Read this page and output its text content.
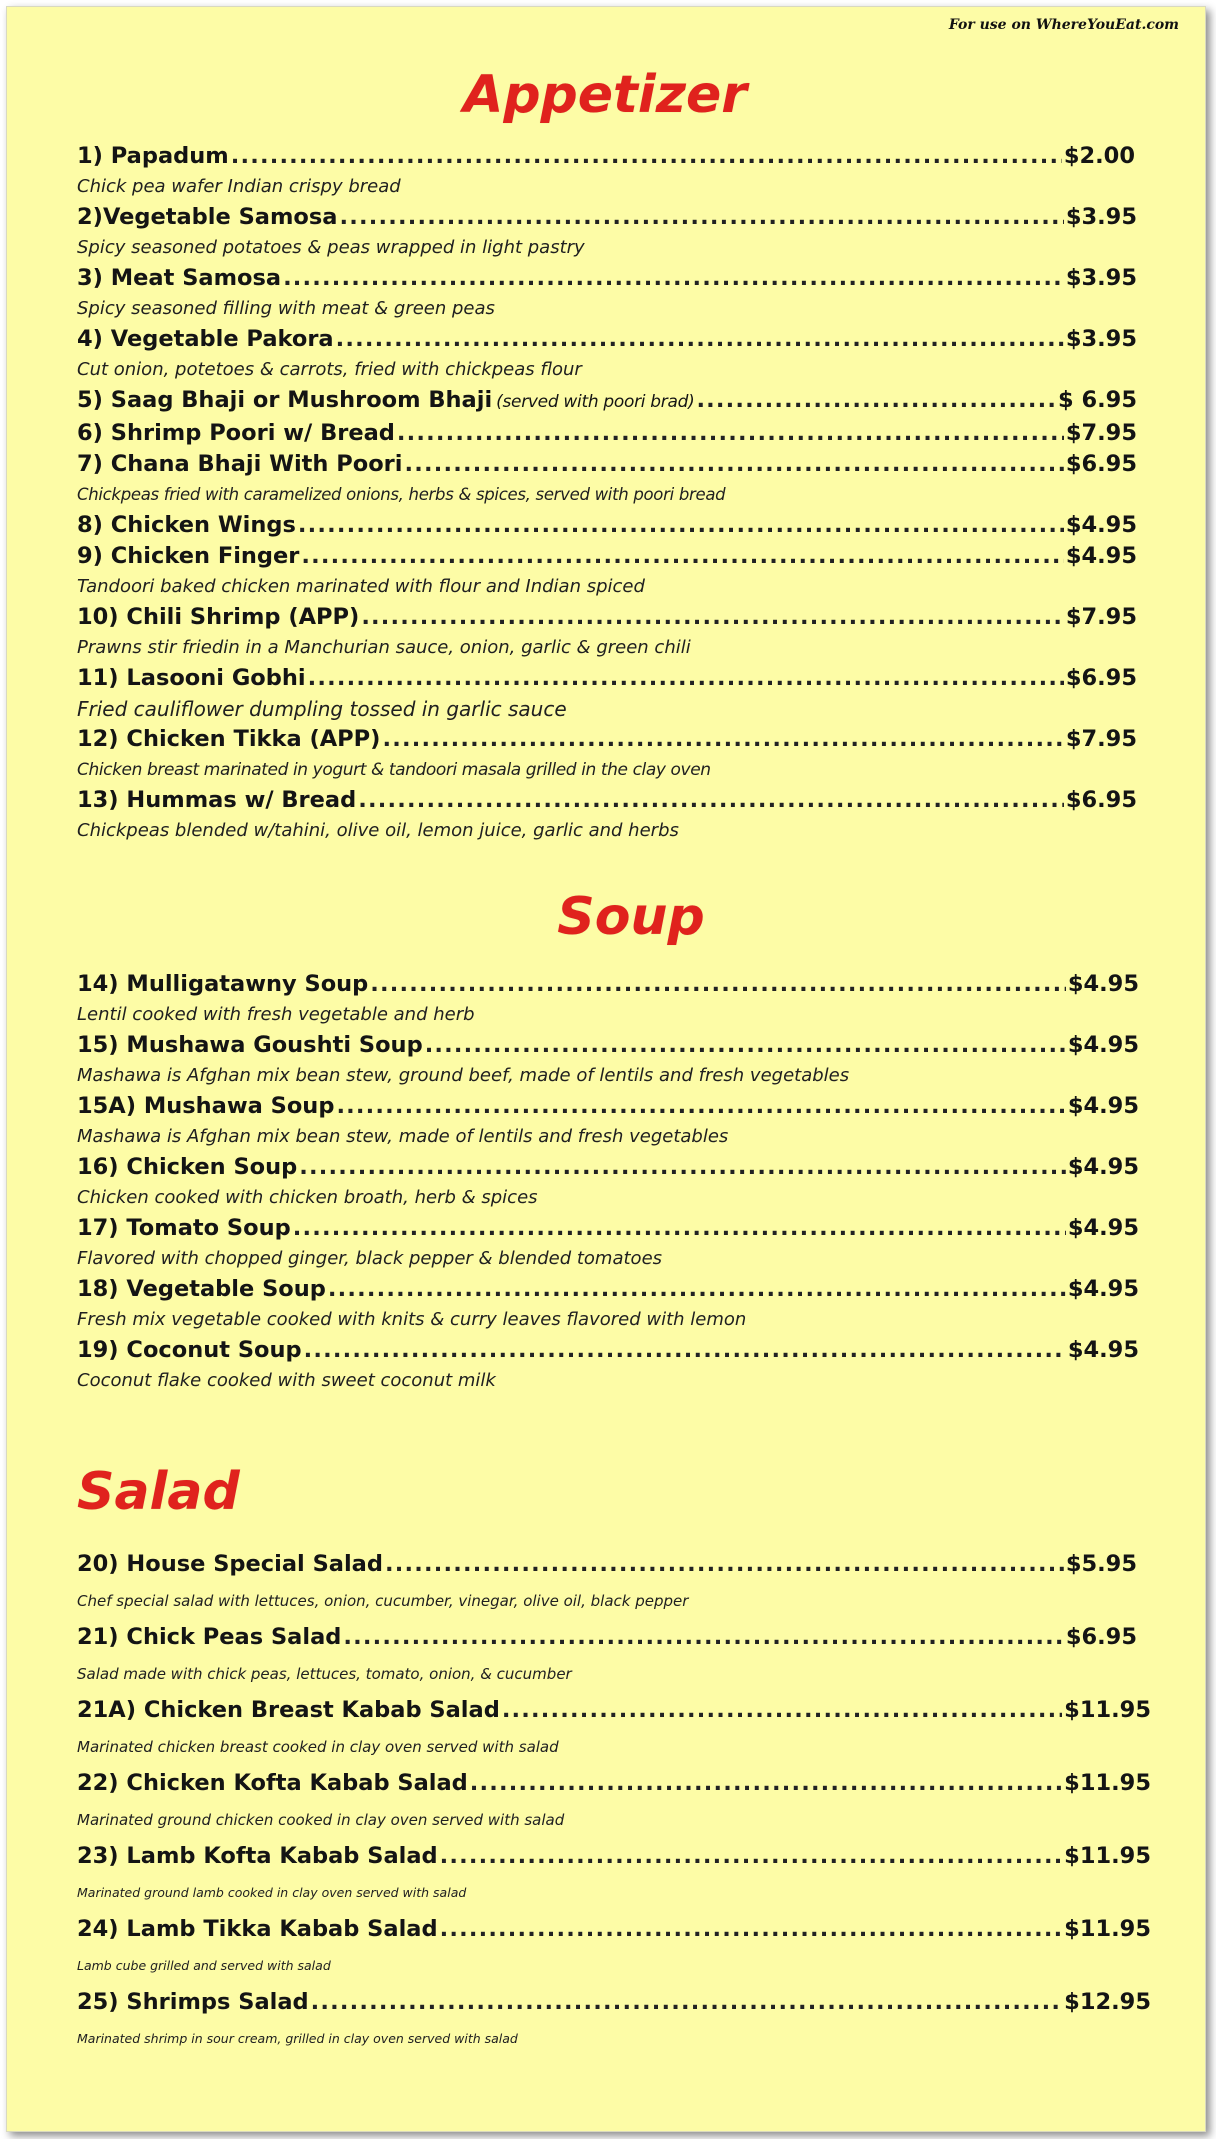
For use on WhereYouEat.com
Appetizer
1) Papadum .....	$2.00

Chick pea wafer Indian crispy bread

2)Vegetable Samosa .....	$3.95

Spicy seasoned potatoes & peas wrapped in light pastry

3) Meat Samosa .....	$3.95

Spicy seasoned filling with meat & green peas

4) Vegetable Pakora .....	$3.95

Cut onion, potetoes & carrots, fried with chickpeas flour

5) Saag Bhaji or Mushroom Bhaji (served with poori brad) .....	$ 6.95
6) Shrimp Poori w/ Bread .....	$7.95
7) Chana Bhaji With Poori .....	$6.95

Chickpeas fried with caramelized onions, herbs & spices, served with poori bread

8) Chicken Wings .....	$4.95
9) Chicken Finger .....	$4.95

Tandoori baked chicken marinated with flour and Indian spiced

10) Chili Shrimp (APP) .....	$7.95

Prawns stir friedin in a Manchurian sauce, onion, garlic & green chili

11) Lasooni Gobhi .....	$6.95

Fried cauliflower dumpling tossed in garlic sauce

12) Chicken Tikka (APP) .....	$7.95

Chicken breast marinated in yogurt & tandoori masala grilled in the clay oven

13) Hummas w/ Bread .....	$6.95

Chickpeas blended w/tahini, olive oil, lemon juice, garlic and herbs

Soup
14) Mulligatawny Soup .....	$4.95

Lentil cooked with fresh vegetable and herb

15) Mushawa Goushti Soup .....	$4.95

Mashawa is Afghan mix bean stew, ground beef, made of lentils and fresh vegetables

15A) Mushawa Soup .....	$4.95

Mashawa is Afghan mix bean stew, made of lentils and fresh vegetables

16) Chicken Soup .....	$4.95

Chicken cooked with chicken broath, herb & spices

17) Tomato Soup .....	$4.95

Flavored with chopped ginger, black pepper & blended tomatoes

18) Vegetable Soup .....	$4.95

Fresh mix vegetable cooked with knits & curry leaves flavored with lemon

19) Coconut Soup .....	$4.95

Coconut flake cooked with sweet coconut milk

Salad
20) House Special Salad .....	$5.95

Chef special salad with lettuces, onion, cucumber, vinegar, olive oil, black pepper

21) Chick Peas Salad .....	$6.95

Salad made with chick peas, lettuces, tomato, onion, & cucumber

21A) Chicken Breast Kabab Salad .....	$11.95

Marinated chicken breast cooked in clay oven served with salad

22) Chicken Kofta Kabab Salad .....	$11.95

Marinated ground chicken cooked in clay oven served with salad

23) Lamb Kofta Kabab Salad .....	$11.95

Marinated ground lamb cooked in clay oven served with salad

24) Lamb Tikka Kabab Salad .....	$11.95

Lamb cube grilled and served with salad

25) Shrimps Salad .....	$12.95

Marinated shrimp in sour cream, grilled in clay oven served with salad
